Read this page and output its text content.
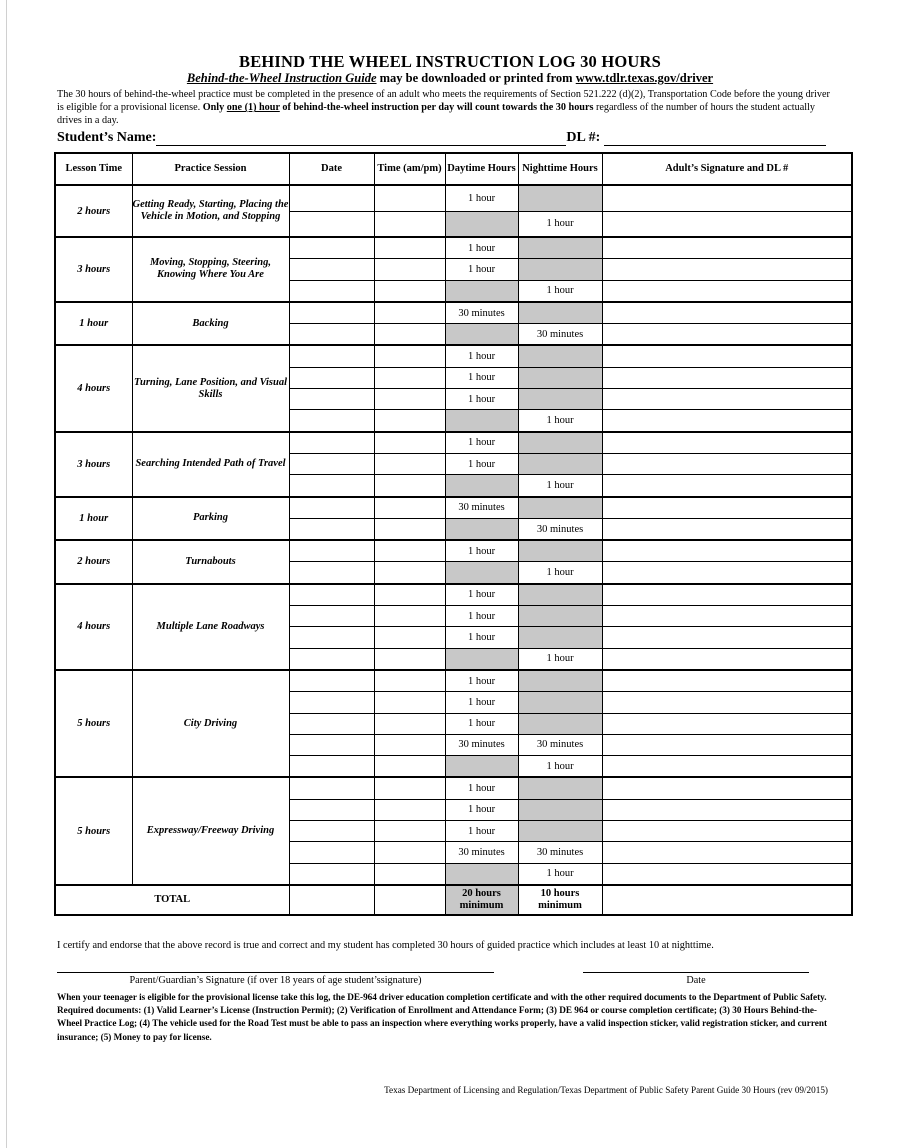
BEHIND THE WHEEL INSTRUCTION LOG 30 HOURS
Behind-the-Wheel Instruction Guide may be downloaded or printed from www.tdlr.texas.gov/driver
The 30 hours of behind-the-wheel practice must be completed in the presence of an adult who meets the requirements of Section 521.222 (d)(2), Transportation Code before the young driver is eligible for a provisional license. Only one (1) hour of behind-the-wheel instruction per day will count towards the 30 hours regardless of the number of hours the student actually drives in a day.
Student’s Name:	DL #:
Lesson Time	Practice Session	Date	Time (am/pm)	Daytime Hours	Nighttime Hours	Adult’s Signature and DL #
2 hours	Getting Ready, Starting, Placing the Vehicle in Motion, and Stopping			1 hour		
					1 hour	
3 hours	Moving, Stopping, Steering, Knowing Where You Are			1 hour		
				1 hour		
					1 hour	
1 hour	Backing			30 minutes		
					30 minutes	
4 hours	Turning, Lane Position, and Visual Skills			1 hour		
				1 hour		
				1 hour		
					1 hour	
3 hours	Searching Intended Path of Travel			1 hour		
				1 hour		
					1 hour	
1 hour	Parking			30 minutes		
					30 minutes	
2 hours	Turnabouts			1 hour		
					1 hour	
4 hours	Multiple Lane Roadways			1 hour		
				1 hour		
				1 hour		
					1 hour	
5 hours	City Driving			1 hour		
				1 hour		
				1 hour		
				30 minutes	30 minutes	
					1 hour	
5 hours	Expressway/Freeway Driving			1 hour		
				1 hour		
				1 hour		
				30 minutes	30 minutes	
					1 hour	
TOTAL				20 hours minimum	10 hours minimum	
I certify and endorse that the above record is true and correct and my student has completed 30 hours of guided practice which includes at least 10 at nighttime.
Parent/Guardian’s Signature (if over 18 years of age student’ssignature)	Date
When your teenager is eligible for the provisional license take this log, the DE-964 driver education completion certificate and with the other required documents to the Department of Public Safety. Required documents: (1) Valid Learner’s License (Instruction Permit); (2) Verification of Enrollment and Attendance Form; (3) DE 964 or course completion certificate; (3) 30 Hours Behind-the-Wheel Practice Log; (4) The vehicle used for the Road Test must be able to pass an inspection where everything works properly, have a valid inspection sticker, valid registration sticker, and current insurance; (5) Money to pay for license.
Texas Department of Licensing and Regulation/Texas Department of Public Safety Parent Guide 30 Hours (rev 09/2015)
